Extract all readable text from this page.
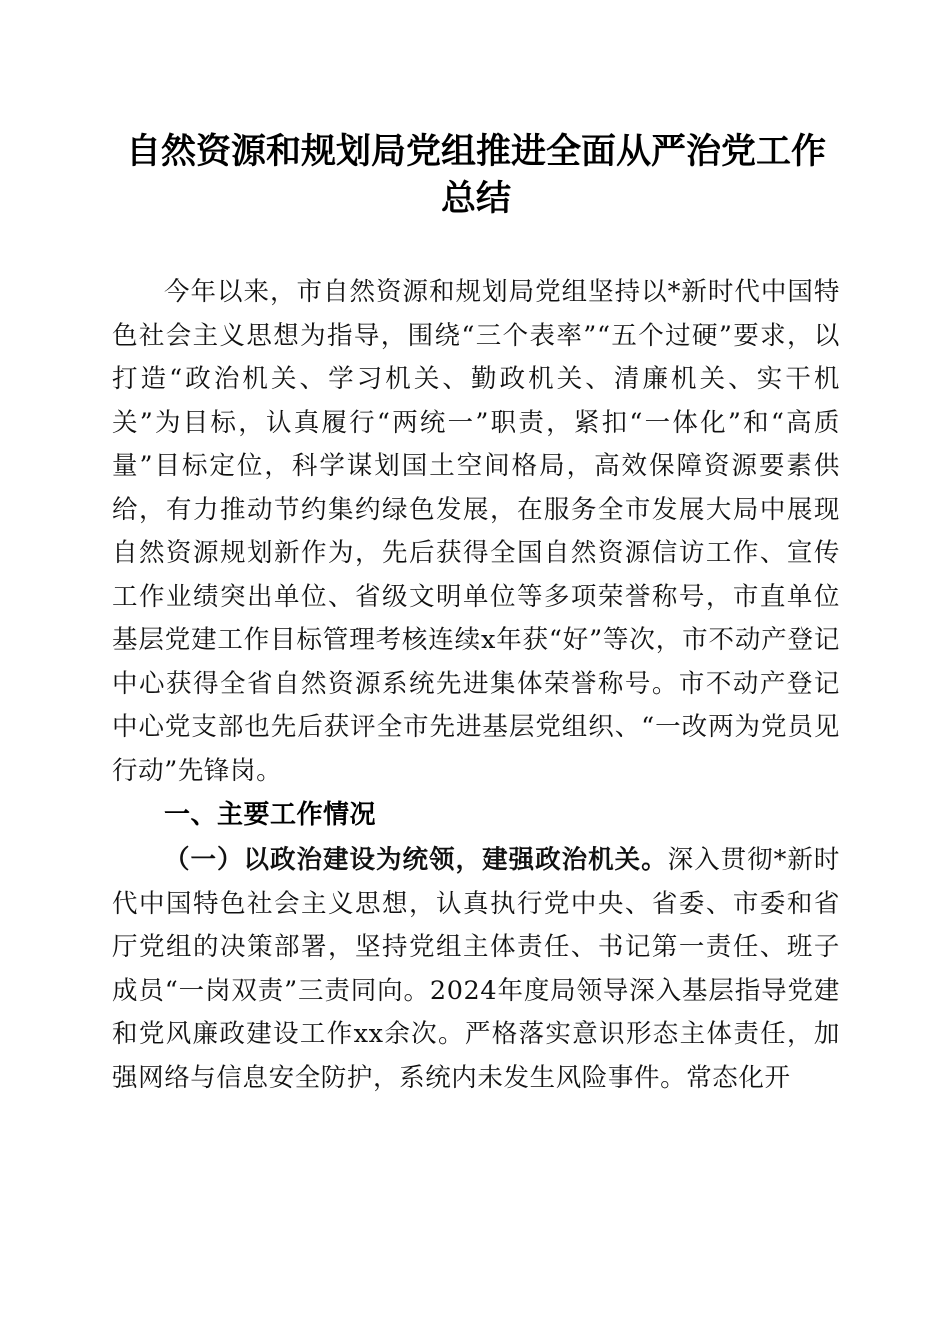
自然资源和规划局党组推进全面从严治党工作总结

今年以来，市自然资源和规划局党组坚持以*新时代中国特色社会主义思想为指导，围绕“三个表率”“五个过硬”要求，以打造“政治机关、学习机关、勤政机关、清廉机关、实干机关”为目标，认真履行“两统一”职责，紧扣“一体化”和“高质量”目标定位，科学谋划国土空间格局，高效保障资源要素供给，有力推动节约集约绿色发展，在服务全市发展大局中展现自然资源规划新作为，先后获得全国自然资源信访工作、宣传工作业绩突出单位、省级文明单位等多项荣誉称号，市直单位基层党建工作目标管理考核连续x年获“好”等次，市不动产登记中心获得全省自然资源系统先进集体荣誉称号。市不动产登记中心党支部也先后获评全市先进基层党组织、“一改两为党员见行动”先锋岗。

一、主要工作情况

（一）以政治建设为统领，建强政治机关。深入贯彻*新时代中国特色社会主义思想，认真执行党中央、省委、市委和省厅党组的决策部署，坚持党组主体责任、书记第一责任、班子成员“一岗双责”三责同向。2024年度局领导深入基层指导党建和党风廉政建设工作xx余次。严格落实意识形态主体责任，加强网络与信息安全防护，系统内未发生风险事件。常态化开
